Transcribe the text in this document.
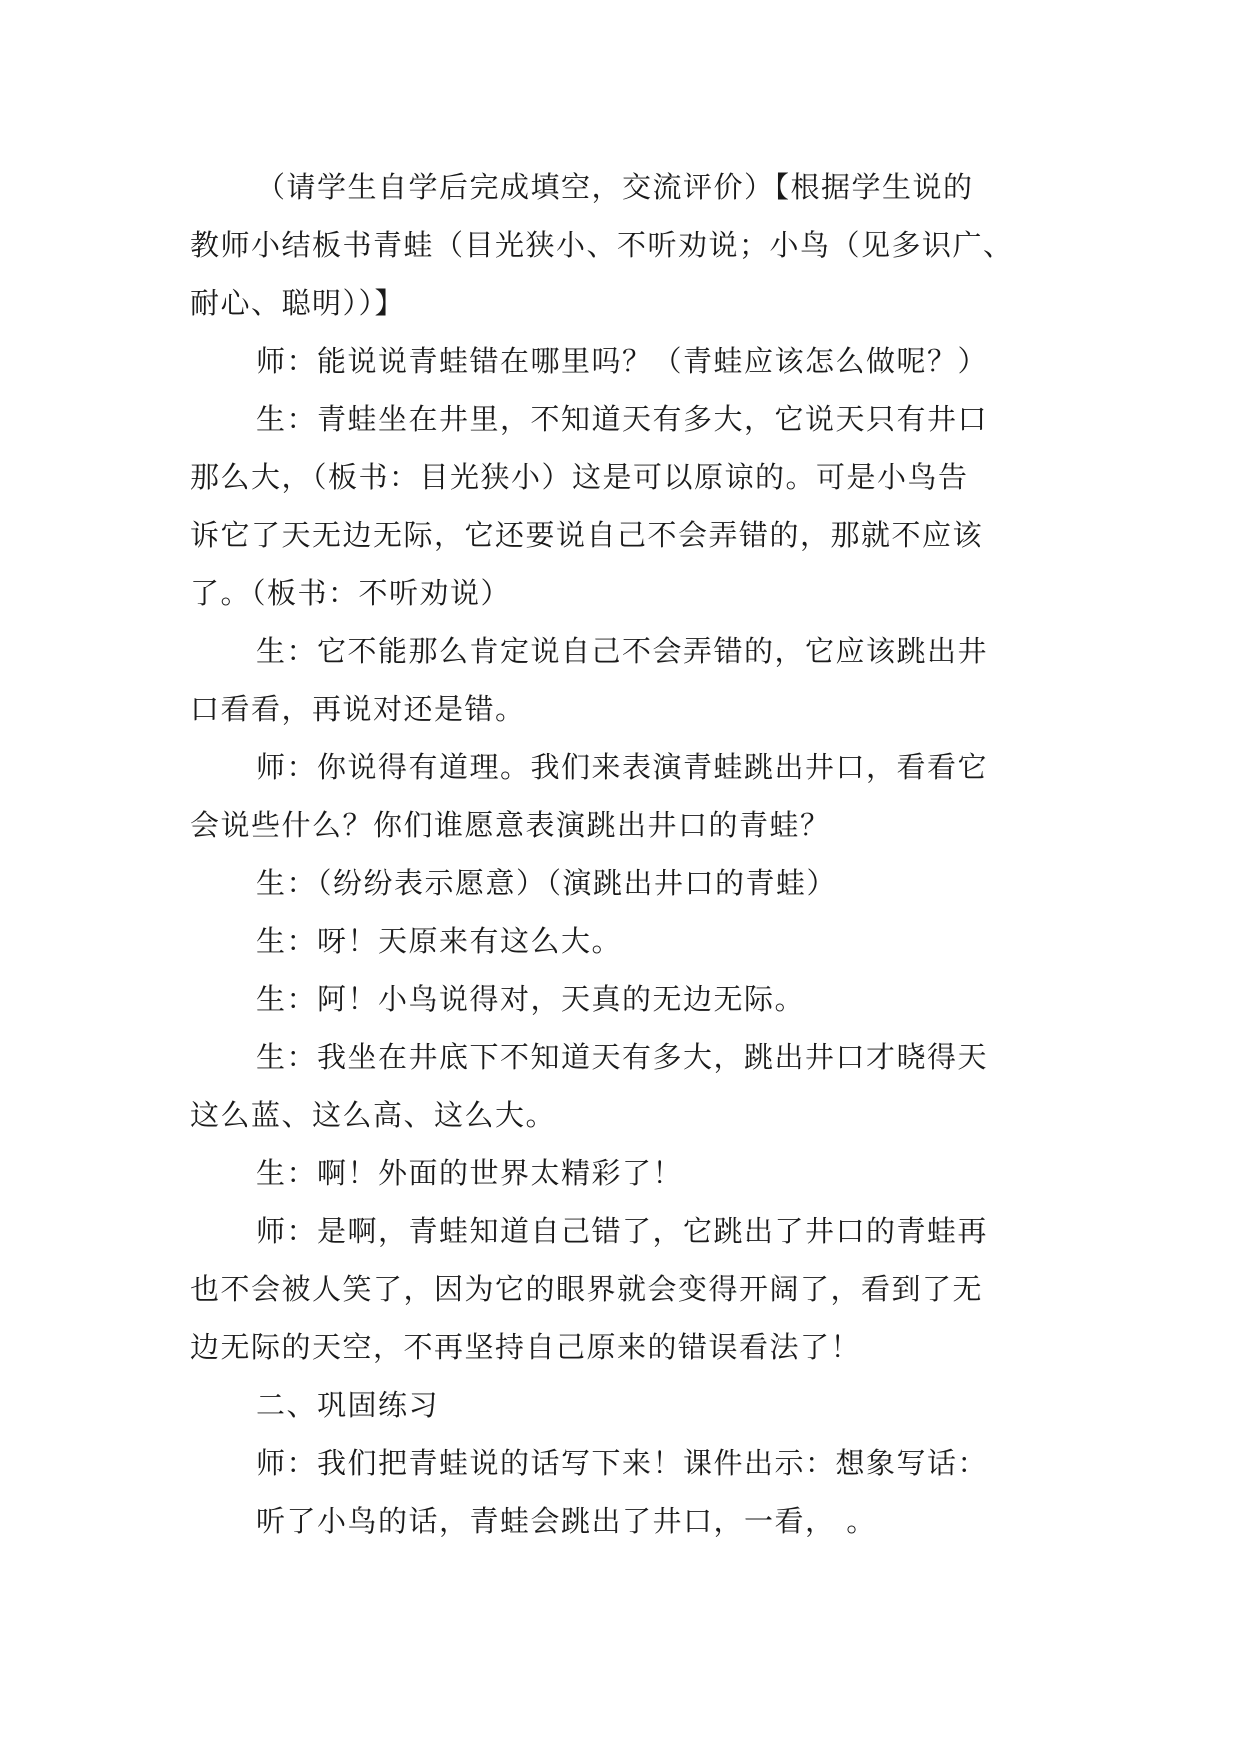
（请学生自学后完成填空，交流评价）【根据学生说的
教师小结板书青蛙（目光狭小、不听劝说；小鸟（见多识广、
耐心、聪明））】
师：能说说青蛙错在哪里吗？（青蛙应该怎么做呢？）
生：青蛙坐在井里，不知道天有多大，它说天只有井口
那么大，（板书：目光狭小）这是可以原谅的。可是小鸟告
诉它了天无边无际，它还要说自己不会弄错的，那就不应该
了。（板书：不听劝说）
生：它不能那么肯定说自己不会弄错的，它应该跳出井
口看看，再说对还是错。
师：你说得有道理。我们来表演青蛙跳出井口，看看它
会说些什么？你们谁愿意表演跳出井口的青蛙？
生：（纷纷表示愿意）（演跳出井口的青蛙）
生：呀！天原来有这么大。
生：阿！小鸟说得对，天真的无边无际。
生：我坐在井底下不知道天有多大，跳出井口才晓得天
这么蓝、这么高、这么大。
生：啊！外面的世界太精彩了！
师：是啊，青蛙知道自己错了，它跳出了井口的青蛙再
也不会被人笑了，因为它的眼界就会变得开阔了，看到了无
边无际的天空，不再坚持自己原来的错误看法了！
二、巩固练习
师：我们把青蛙说的话写下来！课件出示：想象写话：
听了小鸟的话，青蛙会跳出了井口，一看， 。
